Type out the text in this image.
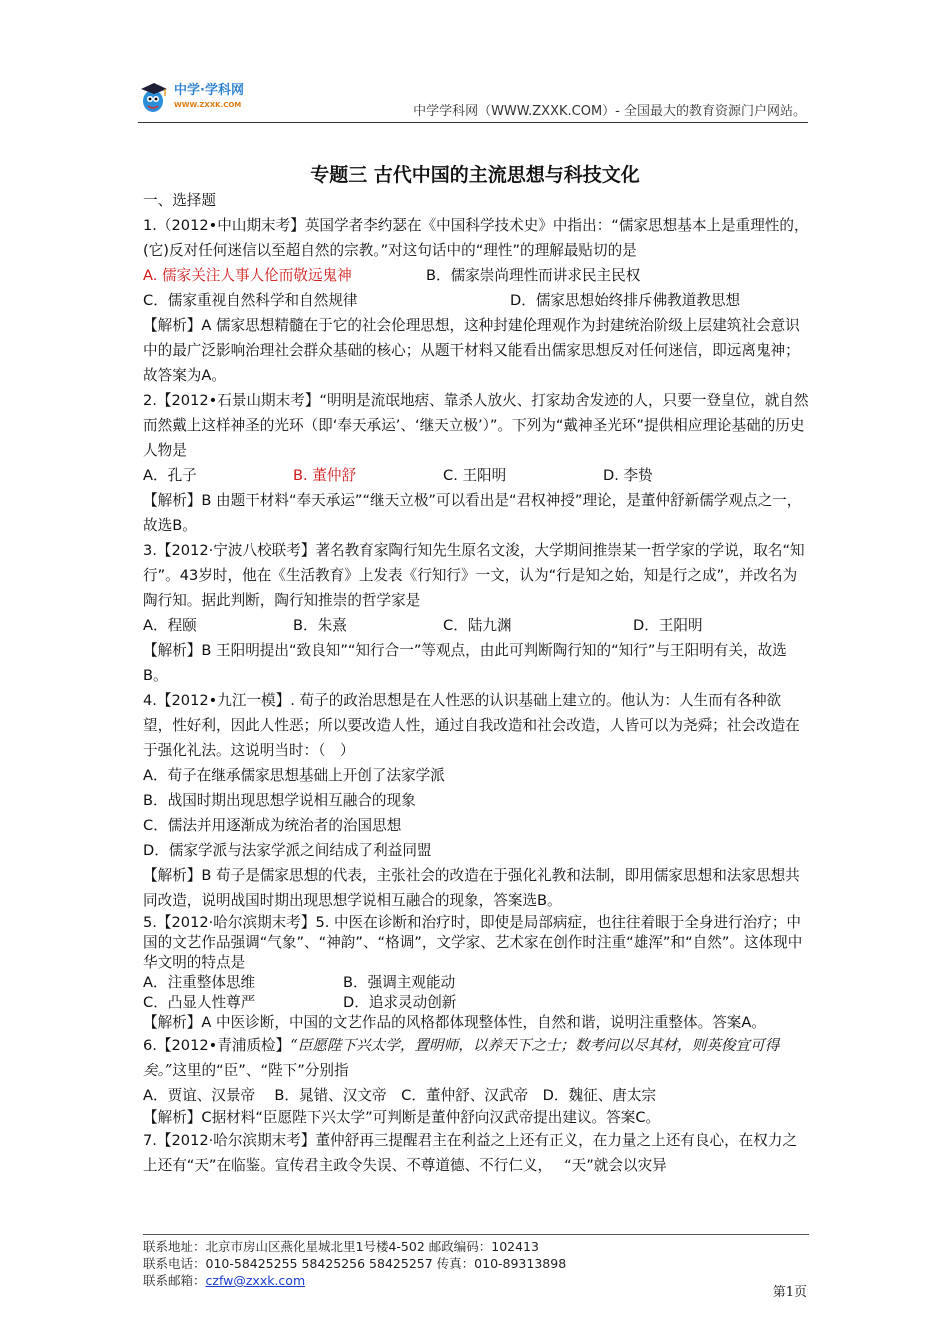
中学·学科网
WWW.ZXXK.COM	中学学科网（WWW.ZXXK.COM）- 全国最大的教育资源门户网站。
专题三 古代中国的主流思想与科技文化

一、选择题

1.（2012•中山期末考】英国学者李约瑟在《中国科学技术史》中指出：“儒家思想基本上是重理性的，(它)反对任何迷信以至超自然的宗教。”对这句话中的“理性”的理解最贴切的是

A. 儒家关注人事人伦而敬远鬼神	B．儒家崇尚理性而讲求民主民权
C．儒家重视自然科学和自然规律	D．儒家思想始终排斥佛教道教思想

【解析】A 儒家思想精髓在于它的社会伦理思想，这种封建伦理观作为封建统治阶级上层建筑社会意识中的最广泛影响治理社会群众基础的核心；从题干材料又能看出儒家思想反对任何迷信，即远离鬼神；故答案为A。

2.【2012•石景山期末考】“明明是流氓地痞、靠杀人放火、打家劫舍发迹的人，只要一登皇位，就自然而然戴上这样神圣的光环（即‘奉天承运’、‘继天立极’）”。下列为“戴神圣光环”提供相应理论基础的历史人物是

A．孔子	B. 董仲舒	C. 王阳明	D. 李贽

【解析】B 由题干材料“奉天承运”“继天立极”可以看出是“君权神授”理论，是董仲舒新儒学观点之一，故选B。

3.【2012·宁波八校联考】著名教育家陶行知先生原名文浚，大学期间推崇某一哲学家的学说，取名“知行”。43岁时，他在《生活教育》上发表《行知行》一文，认为“行是知之始，知是行之成”，并改名为陶行知。据此判断，陶行知推崇的哲学家是

A．程颐	B．朱熹	C．陆九渊	D．王阳明

【解析】B 王阳明提出“致良知”“知行合一”等观点，由此可判断陶行知的“知行”与王阳明有关，故选B。

4.【2012•九江一模】. 荀子的政治思想是在人性恶的认识基础上建立的。他认为：人生而有各种欲望，性好利，因此人性恶；所以要改造人性，通过自我改造和社会改造，人皆可以为尧舜；社会改造在于强化礼法。这说明当时：（　）

A．荀子在继承儒家思想基础上开创了法家学派

B．战国时期出现思想学说相互融合的现象

C．儒法并用逐渐成为统治者的治国思想

D．儒家学派与法家学派之间结成了利益同盟

【解析】B 荀子是儒家思想的代表，主张社会的改造在于强化礼教和法制，即用儒家思想和法家思想共同改造，说明战国时期出现思想学说相互融合的现象，答案选B。

5.【2012·哈尔滨期末考】5. 中医在诊断和治疗时，即使是局部病症，也往往着眼于全身进行治疗；中国的文艺作品强调“气象”、“神韵”、“格调”，文学家、艺术家在创作时注重“雄浑”和“自然”。这体现中华文明的特点是

A．注重整体思维	B．强调主观能动
C．凸显人性尊严	D．追求灵动创新

【解析】A 中医诊断，中国的文艺作品的风格都体现整体性，自然和谐，说明注重整体。答案A。

6.【2012•青浦质检】“臣愿陛下兴太学，置明师，以养天下之士；数考问以尽其材，则英俊宜可得矣。”这里的“臣”、“陛下”分别指

A．贾谊、汉景帝　 B．晁错、汉文帝　C．董仲舒、汉武帝　D．魏征、唐太宗

【解析】C据材料“臣愿陛下兴太学”可判断是董仲舒向汉武帝提出建议。答案C。

7.【2012·哈尔滨期末考】董仲舒再三提醒君主在利益之上还有正义，在力量之上还有良心，在权力之上还有“天”在临鉴。宣传君主政令失误、不尊道德、不行仁义，　 “天”就会以灾异

联系地址：北京市房山区燕化星城北里1号楼4-502 邮政编码：102413
联系电话：010-58425255 58425256 58425257 传真：010-89313898
联系邮箱：czfw@zxxk.com
第1页
